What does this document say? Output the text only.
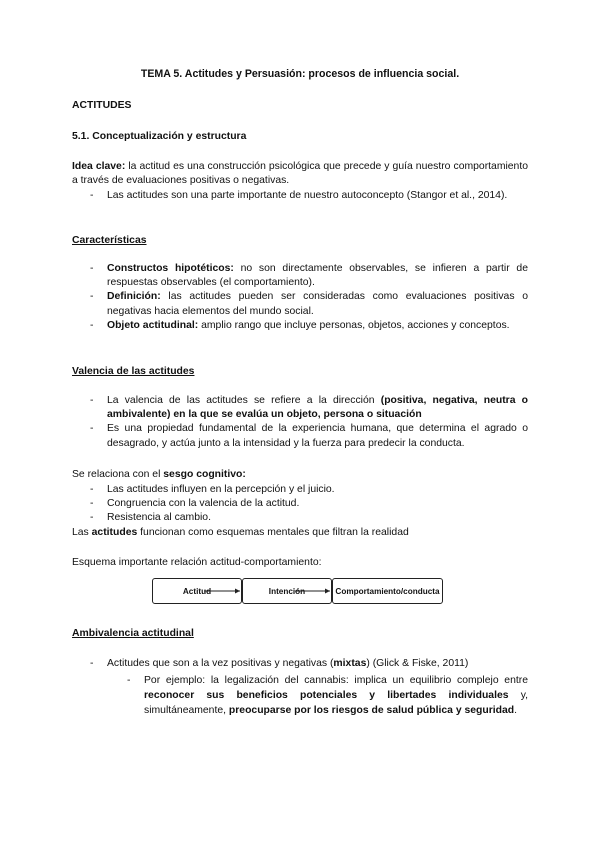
TEMA 5. Actitudes y Persuasión: procesos de influencia social.
ACTITUDES
5.1. Conceptualización y estructura
Idea clave: la actitud es una construcción psicológica que precede y guía nuestro comportamiento a través de evaluaciones positivas o negativas.
- Las actitudes son una parte importante de nuestro autoconcepto (Stangor et al., 2014).
Características
- Constructos hipotéticos: no son directamente observables, se infieren a partir de respuestas observables (el comportamiento).
- Definición: las actitudes pueden ser consideradas como evaluaciones positivas o negativas hacia elementos del mundo social.
- Objeto actitudinal: amplio rango que incluye personas, objetos, acciones y conceptos.
Valencia de las actitudes
- La valencia de las actitudes se refiere a la dirección (positiva, negativa, neutra o ambivalente) en la que se evalúa un objeto, persona o situación
- Es una propiedad fundamental de la experiencia humana, que determina el agrado o desagrado, y actúa junto a la intensidad y la fuerza para predecir la conducta.
Se relaciona con el sesgo cognitivo:
- Las actitudes influyen en la percepción y el juicio.
- Congruencia con la valencia de la actitud.
- Resistencia al cambio.
Las actitudes funcionan como esquemas mentales que filtran la realidad
Esquema importante relación actitud-comportamiento:
Actitud	Intención	Comportamiento/conducta
Ambivalencia actitudinal
- Actitudes que son a la vez positivas y negativas (mixtas) (Glick & Fiske, 2011)
- Por ejemplo: la legalización del cannabis: implica un equilibrio complejo entre reconocer sus beneficios potenciales y libertades individuales y, simultáneamente, preocuparse por los riesgos de salud pública y seguridad.
